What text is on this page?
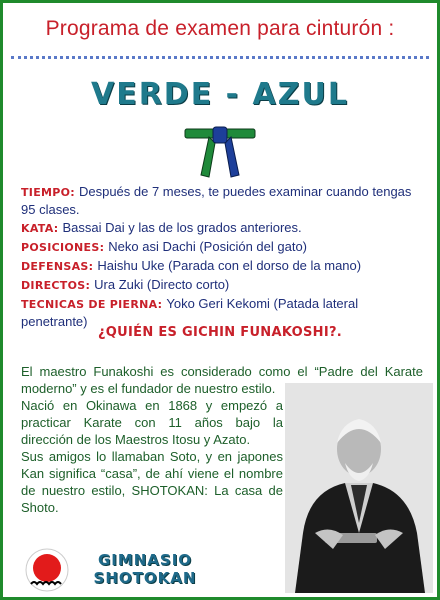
Programa de examen para cinturón :
VERDE - AZUL
TIEMPO: Después de 7 meses, te puedes examinar cuando tengas 95 clases.
KATA: Bassai Dai y las de los grados anteriores.
POSICIONES: Neko asi Dachi (Posición del gato)
DEFENSAS: Haishu Uke (Parada con el dorso de la mano)
DIRECTOS: Ura Zuki (Directo corto)
TECNICAS DE PIERNA: Yoko Geri Kekomi (Patada lateral penetrante)
¿QUIÉN ES GICHIN FUNAKOSHI?.

El maestro Funakoshi es considerado como el “Padre del Karate moderno” y es el fundador de nuestro estilo.

Nació en Okinawa en 1868 y empezó a practicar Karate con 11 años bajo la dirección de los Maestros Itosu y Azato.

Sus amigos lo llamaban Soto, y en japones Kan significa “casa”, de ahí viene el nombre de nuestro estilo, SHOTOKAN: La casa de Shoto.

GIMNASIO
SHOTOKAN
